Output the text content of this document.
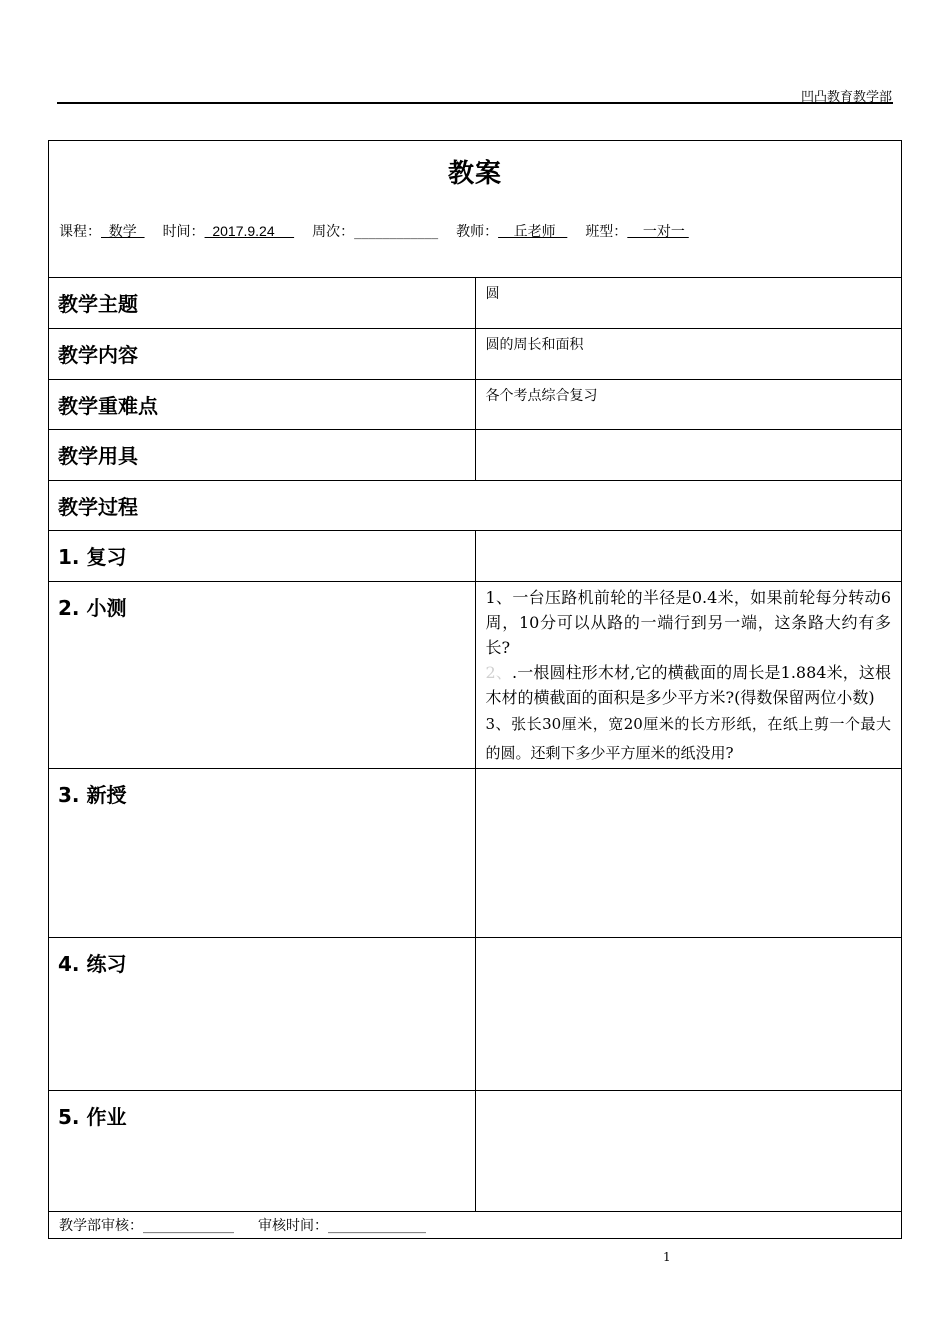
凹凸教育教学部
教案
课程：  数学  时间：  2017.9.24     周次：____________ 教师：    丘老师   班型：    一对一	

教学主题	圆
教学内容	圆的周长和面积
教学重难点	各个考点综合复习
教学用具	
教学过程	
1. 复习	
2. 小测	1、一台压路机前轮的半径是0.4米，如果前轮每分转动6周，10分可以从路的一端行到另一端，这条路大约有多长?
2、.一根圆柱形木材,它的横截面的周长是1.884米，这根木材的横截面的面积是多少平方米?(得数保留两位小数)
3、张长30厘米，宽20厘米的长方形纸，在纸上剪一个最大的圆。还剩下多少平方厘米的纸没用?

3. 新授	
4. 练习	
5. 作业	
教学部审核：_____________ 审核时间：______________	
1
